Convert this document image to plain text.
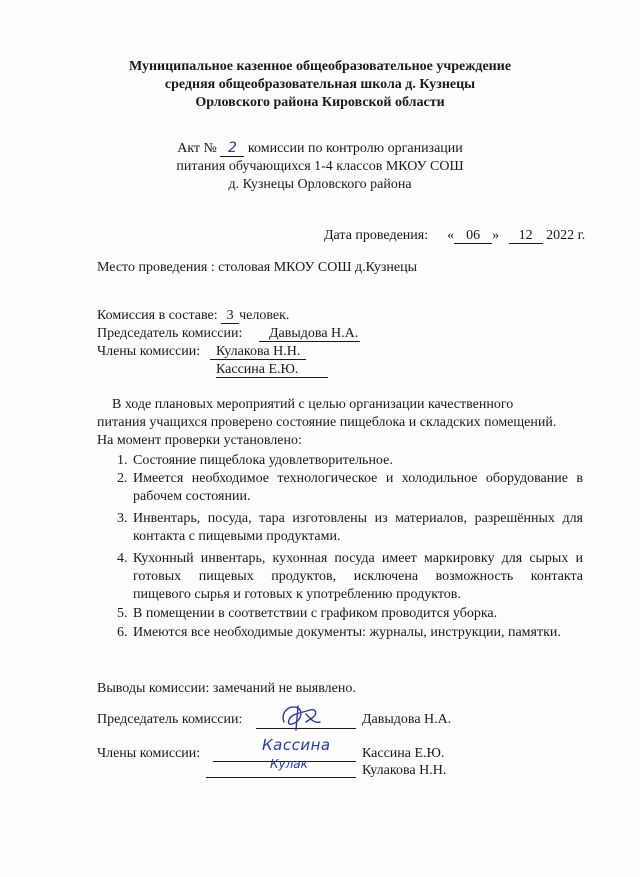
Муниципальное казенное общеобразовательное учреждение
средняя общеобразовательная школа д. Кузнецы
Орловского района Кировской области
Акт № 2 комиссии по контролю организации
питания обучающихся 1-4 классов МКОУ СОШ
д. Кузнецы Орловского района
Дата проведения: « 06 » 12 2022 г.
Место проведения : столовая МКОУ СОШ д.Кузнецы
Комиссия в составе: 3 человек.
Председатель комиссии:	Давыдова Н.А.
Члены комиссии:	Кулакова Н.Н.
Кассина Е.Ю.
В ходе плановых мероприятий с целью организации качественного
питания учащихся проверено состояние пищеблока и складских помещений.
На момент проверки установлено:
1. Состояние пищеблока удовлетворительное.
2. Имеется необходимое технологическое и холодильное оборудование в
рабочем состоянии.
3. Инвентарь, посуда, тара изготовлены из материалов, разрешённых для
контакта с пищевыми продуктами.
4. Кухонный инвентарь, кухонная посуда имеет маркировку для сырых и
готовых пищевых продуктов, исключена возможность контакта
пищевого сырья и готовых к употреблению продуктов.
5. В помещении в соответствии с графиком проводится уборка.
6. Имеются все необходимые документы: журналы, инструкции, памятки.
Выводы комиссии: замечаний не выявлено.
Председатель комиссии:	Давыдова Н.А.
Члены комиссии:	Кассина Кассина Е.Ю.
Кулак	Кулакова Н.Н.
